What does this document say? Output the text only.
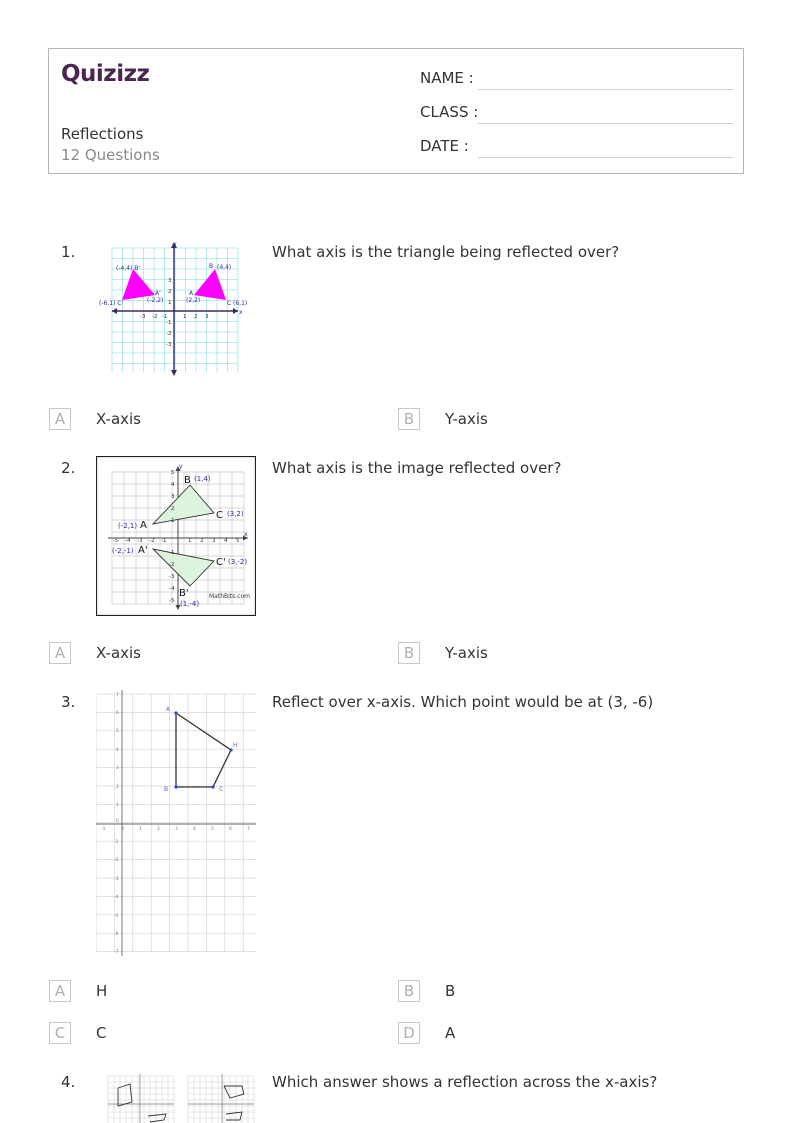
Quizizz
Reflections
12 Questions
NAME :
CLASS :
DATE :
1.	What axis is the triangle being reflected over?
y
x
-3 -2 -1	1 2 3
3
2
1
-1
-2
-3
(-4,4) B'
(-6,1) C'
A'
(-2,2)
B (4,4)
A
(2,2)	C (6,1)
A	X-axis	B	Y-axis
2.	What axis is the image reflected over?
y
x
-5 -4 -3 -2 -1	1 2 3 4 5
5
4
3
2
1
-1
-2
-3
-4
-5
B (1,4)
C (3,2)
(-2,1) A
(-2,-1) A'
C' (3,-2)
B'
(1,-4)
MathBits.com
A	X-axis	B	Y-axis
3.	Reflect over x-axis. Which point would be at (3, -6)
7
6
5
4
3
2
1
0
-1
-2
-3
-4
-5
-6
-7
-1	0	1	2	3	4	5	6	7
A
H
B	C
A	H	B	B
C	C	D	A
4.	Which answer shows a reflection across the x-axis?
